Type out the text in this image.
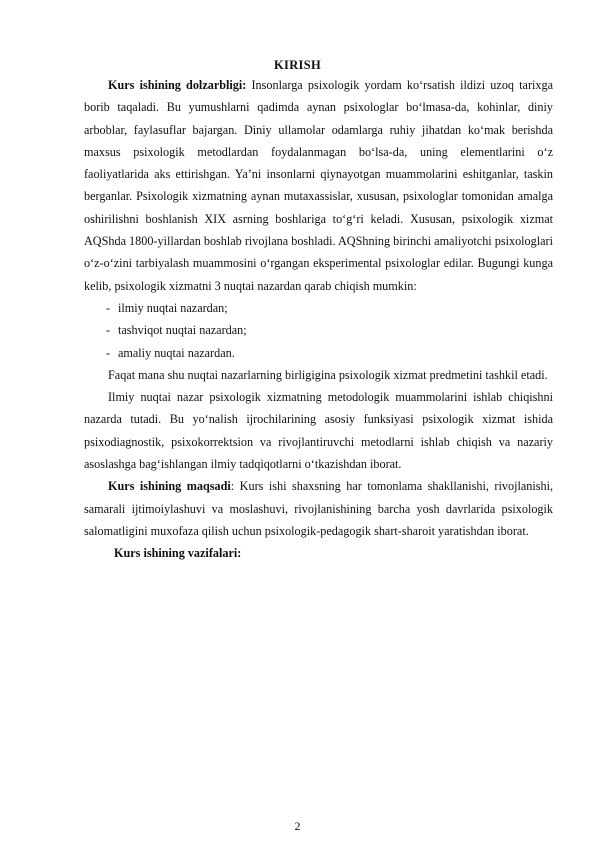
KIRISH

Kurs ishining dolzarbligi: Insonlarga psixologik yordam ko‘rsatish ildizi uzoq tarixga borib taqaladi. Bu yumushlarni qadimda aynan psixologlar bo‘lmasa-da, kohinlar, diniy arboblar, faylasuflar bajargan. Diniy ullamolar odamlarga ruhiy jihatdan ko‘mak berishda maxsus psixologik metodlardan foydalanmagan bo‘lsa-da, uning elementlarini o‘z faoliyatlarida aks ettirishgan. Ya’ni insonlarni qiynayotgan muammolarini eshitganlar, taskin berganlar. Psixologik xizmatning aynan mutaxassislar, xususan, psixologlar tomonidan amalga oshirilishni boshlanish XIX asrning boshlariga to‘g‘ri keladi. Xususan, psixologik xizmat AQShda 1800-yillardan boshlab rivojlana boshladi. AQShning birinchi amaliyotchi psixologlari o‘z-o‘zini tarbiyalash muammosini o‘rgangan eksperimental psixologlar edilar. Bugungi kunga kelib, psixologik xizmatni 3 nuqtai nazardan qarab chiqish mumkin:

- ilmiy nuqtai nazardan;

- tashviqot nuqtai nazardan;

- amaliy nuqtai nazardan.

Faqat mana shu nuqtai nazarlarning birligigina psixologik xizmat predmetini tashkil etadi.

Ilmiy nuqtai nazar psixologik xizmatning metodologik muammolarini ishlab chiqishni nazarda tutadi. Bu yo‘nalish ijrochilarining asosiy funksiyasi psixologik xizmat ishida psixodiagnostik, psixokorrektsion va rivojlantiruvchi metodlarni ishlab chiqish va nazariy asoslashga bag‘ishlangan ilmiy tadqiqotlarni o‘tkazishdan iborat.

Kurs ishining maqsadi: Kurs ishi shaxsning har tomonlama shakllanishi, rivojlanishi, samarali ijtimoiylashuvi va moslashuvi, rivojlanishining barcha yosh davrlarida psixologik salomatligini muxofaza qilish uchun psixologik-pedagogik shart-sharoit yaratishdan iborat.

Kurs ishining vazifalari:

2
